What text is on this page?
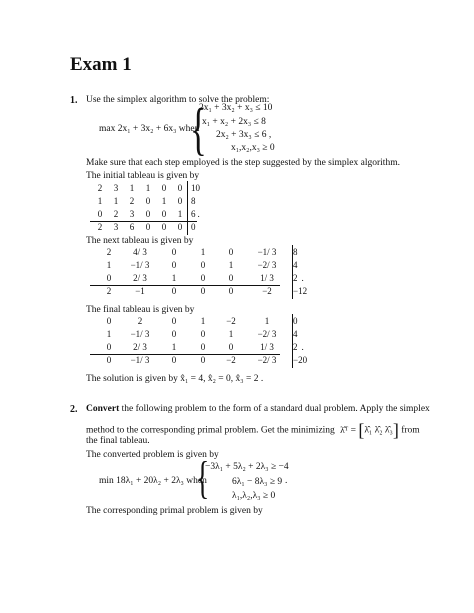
Exam 1
1. Use the simplex algorithm to solve the problem:
max 2x₁ + 3x₂ + 6x₃ when
{
2x₁ + 3x₂ + x₃ ≤ 10
x₁ + x₂ + 2x₃ ≤ 8
2x₂ + 3x₃ ≤ 6 ,
x₁,x₂,x₃ ≥ 0
Make sure that each step employed is the step suggested by the simplex algorithm.
The initial tableau is given by
2	3	1	1	0	0	10
1	1	2	0	1	0	8
0	2	3	0	0	1	6 .
2	3	6	0	0	0	0
The next tableau is given by
2	4/ 3	0	1	0	−1/ 3	8
1	−1/ 3	0	0	1	−2/ 3	4
0	2/ 3	1	0	0	1/ 3	2 .
2	−1	0	0	0	−2	−12
The final tableau is given by
0	2	0	1	−2	1	0
1	−1/ 3	0	0	1	−2/ 3	4
0	2/ 3	1	0	0	1/ 3	2 .
0	−1/ 3	0	0	−2	−2/ 3	−20
The solution is given by x̂₁ = 4, x̂₂ = 0, x̂₃ = 2 .
2. Convert the following problem to the form of a standard dual problem. Apply the simplex
method to the corresponding primal problem. Get the minimizing λ̂ᵀ = [λ̂₁ λ̂₂ λ̂₃] from
the final tableau.
The converted problem is given by
min 18λ₁ + 20λ₂ + 2λ₃ when
{
−3λ₁ + 5λ₂ + 2λ₃ ≥ −4
6λ₁ − 8λ₃ ≥ 9
λ₁,λ₂,λ₃ ≥ 0
.
The corresponding primal problem is given by
